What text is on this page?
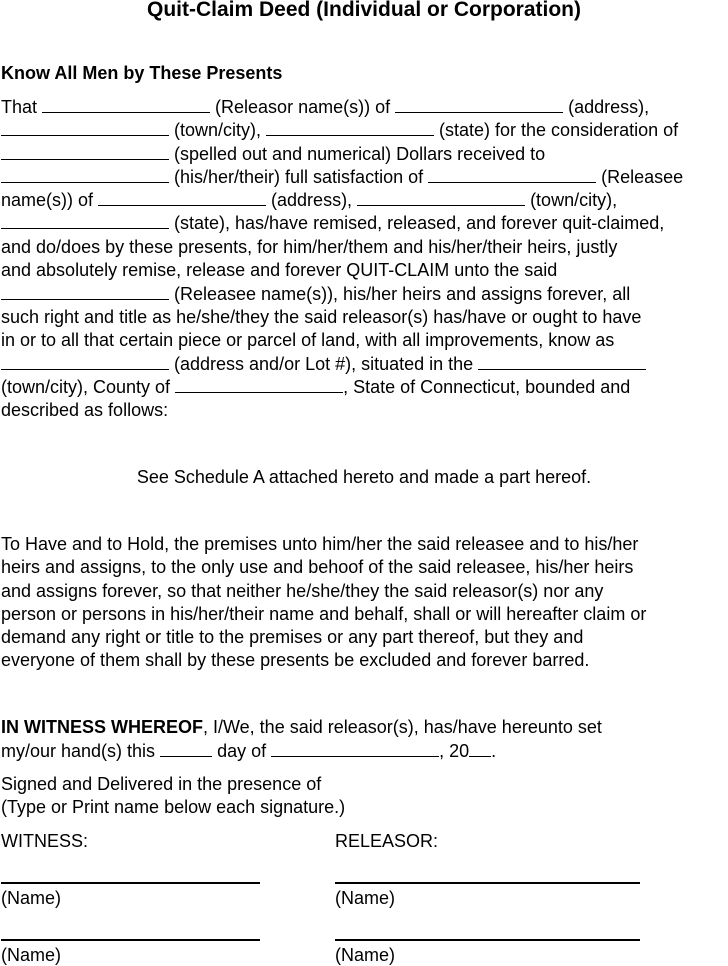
Quit-Claim Deed (Individual or Corporation)
Know All Men by These Presents
That	(Releasor name(s)) of	(address),
(town/city),	(state) for the consideration of
(spelled out and numerical) Dollars received to
(his/her/their) full satisfaction of	(Releasee
name(s)) of	(address),	(town/city),
(state), has/have remised, released, and forever quit-claimed,
and do/does by these presents, for him/her/them and his/her/their heirs, justly
and absolutely remise, release and forever QUIT-CLAIM unto the said
(Releasee name(s)), his/her heirs and assigns forever, all
such right and title as he/she/they the said releasor(s) has/have or ought to have
in or to all that certain piece or parcel of land, with all improvements, know as
(address and/or Lot #), situated in the
(town/city), County of	, State of Connecticut, bounded and
described as follows:
See Schedule A attached hereto and made a part hereof.
To Have and to Hold, the premises unto him/her the said releasee and to his/her
heirs and assigns, to the only use and behoof of the said releasee, his/her heirs
and assigns forever, so that neither he/she/they the said releasor(s) nor any
person or persons in his/her/their name and behalf, shall or will hereafter claim or
demand any right or title to the premises or any part thereof, but they and
everyone of them shall by these presents be excluded and forever barred.
IN WITNESS WHEREOF, I/We, the said releasor(s), has/have hereunto set
my/our hand(s) this	day of	, 20 .
Signed and Delivered in the presence of
(Type or Print name below each signature.)
WITNESS:	RELEASOR:
(Name)	(Name)
(Name)	(Name)
